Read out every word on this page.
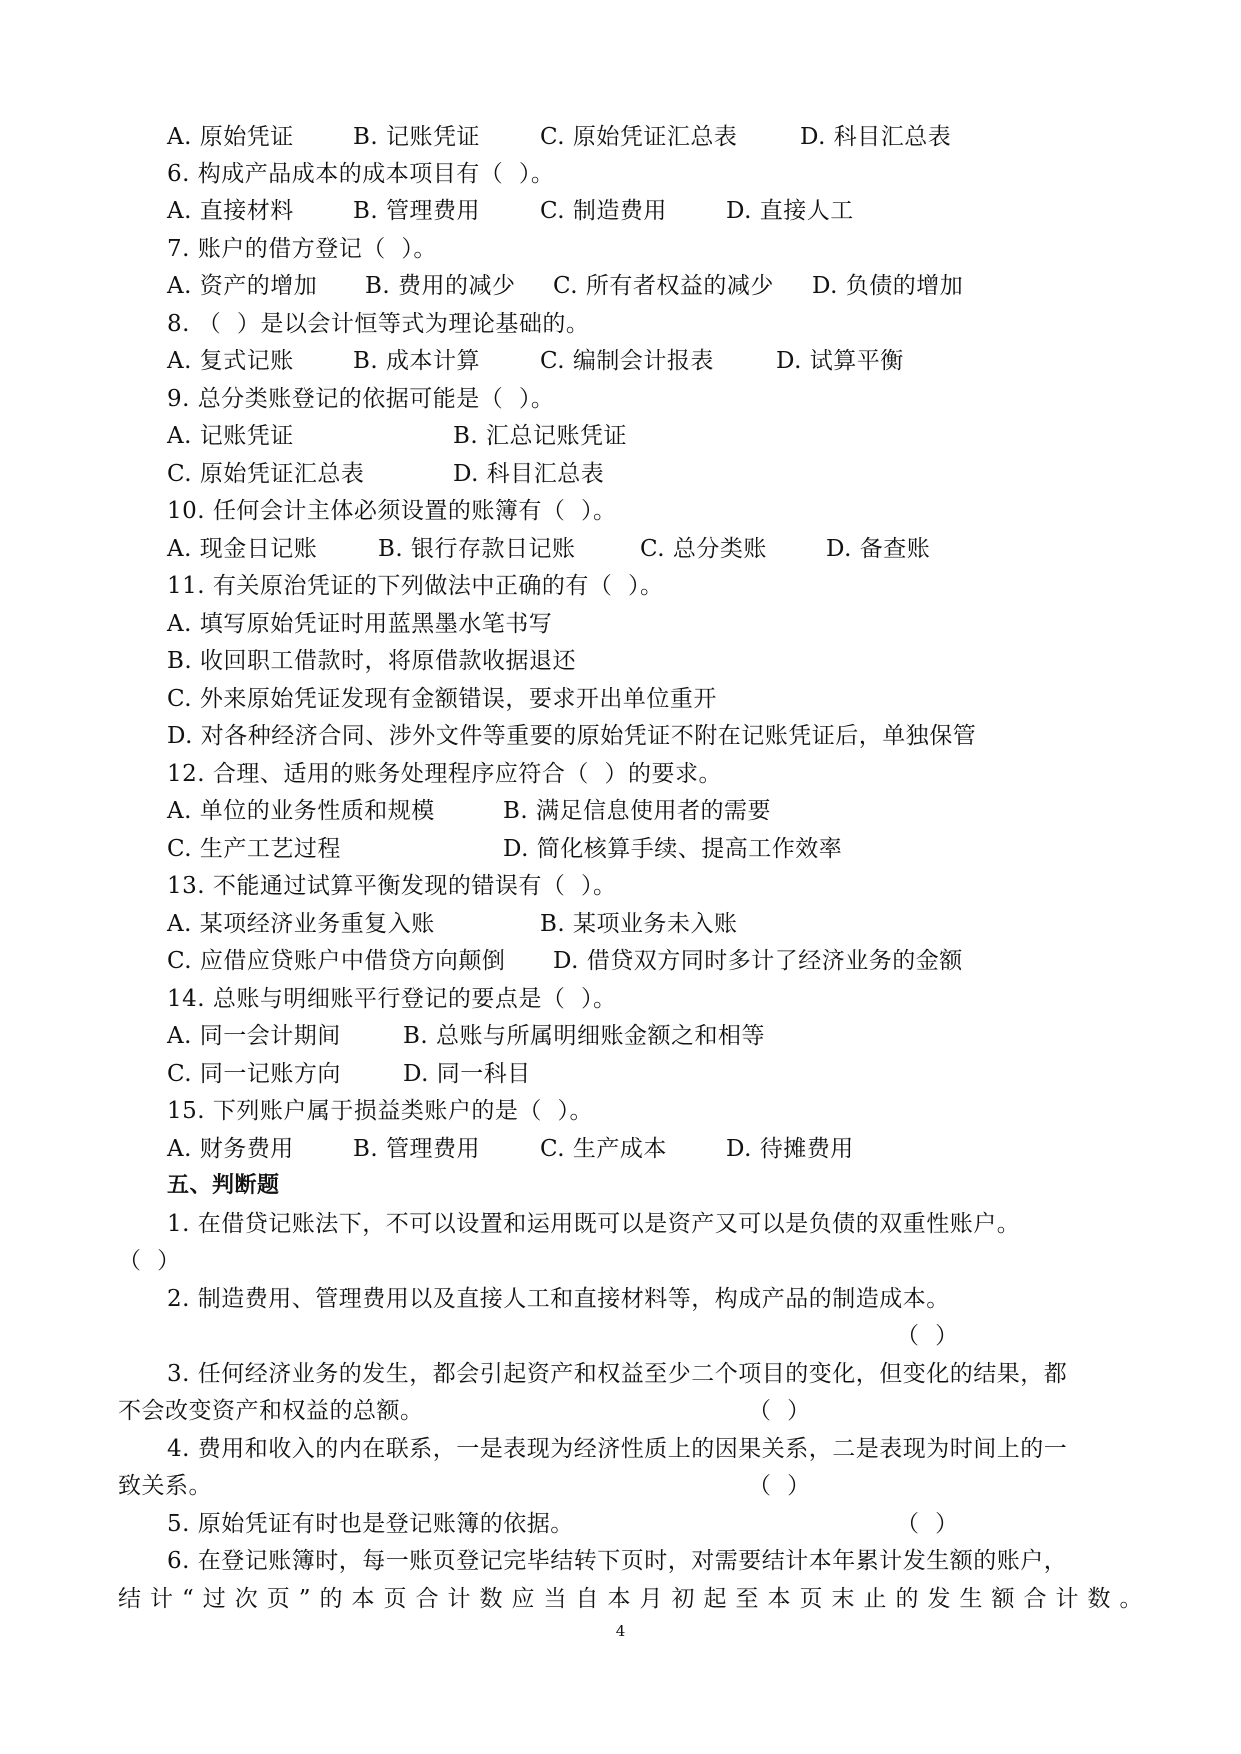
A. 原始凭证

	B. 记账凭证

	C. 原始凭证汇总表

	D. 科目汇总表

6. 构成产品成本的成本项目有（  ）。

A. 直接材料

	B. 管理费用

	C. 制造费用

	D. 直接人工

7. 账户的借方登记（  ）。

A. 资产的增加

B. 费用的减少

C. 所有者权益的减少

D. 负债的增加

8. （  ）是以会计恒等式为理论基础的。

A. 复式记账

	B. 成本计算

	C. 编制会计报表

	D. 试算平衡

9. 总分类账登记的依据可能是（  ）。

A. 记账凭证

	B. 汇总记账凭证

C. 原始凭证汇总表

	D. 科目汇总表

10. 任何会计主体必须设置的账簿有（  ）。

A. 现金日记账

	B. 银行存款日记账

	C. 总分类账

	D. 备查账

11. 有关原治凭证的下列做法中正确的有（  ）。
A. 填写原始凭证时用蓝黑墨水笔书写
B. 收回职工借款时，将原借款收据退还
C. 外来原始凭证发现有金额错误，要求开出单位重开
D. 对各种经济合同、涉外文件等重要的原始凭证不附在记账凭证后，单独保管
12. 合理、适用的账务处理程序应符合（  ）的要求。

A. 单位的业务性质和规模

	B. 满足信息使用者的需要

C. 生产工艺过程

	D. 简化核算手续、提高工作效率

13. 不能通过试算平衡发现的错误有（  ）。

A. 某项经济业务重复入账

	B. 某项业务未入账

C. 应借应贷账户中借贷方向颠倒

D. 借贷双方同时多计了经济业务的金额

14. 总账与明细账平行登记的要点是（  ）。

A. 同一会计期间

	B. 总账与所属明细账金额之和相等

C. 同一记账方向

	D. 同一科目

15. 下列账户属于损益类账户的是（  ）。

A. 财务费用

	B. 管理费用

	C. 生产成本

	D. 待摊费用

五、判断题
1. 在借贷记账法下，不可以设置和运用既可以是资产又可以是负债的双重性账户。
（  ）
2. 制造费用、管理费用以及直接人工和直接材料等，构成产品的制造成本。
（  ）
3. 任何经济业务的发生，都会引起资产和权益至少二个项目的变化，但变化的结果，都
不会改变资产和权益的总额。	（  ）
4. 费用和收入的内在联系，一是表现为经济性质上的因果关系，二是表现为时间上的一
致关系。	（  ）
5. 原始凭证有时也是登记账簿的依据。	（  ）
6. 在登记账簿时，每一账页登记完毕结转下页时，对需要结计本年累计发生额的账户，
结计“过次页”的本页合计数应当自本月初起至本页末止的发生额合计数。
4
